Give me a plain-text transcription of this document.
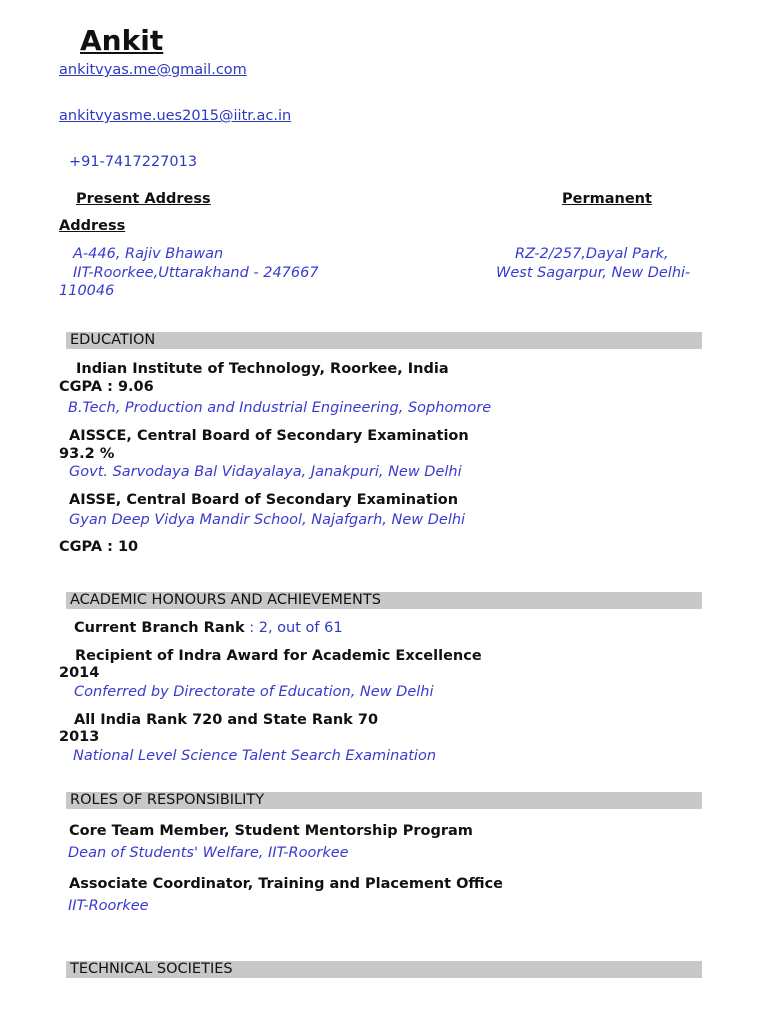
Ankit
ankitvyas.me@gmail.com
ankitvyasme.ues2015@iitr.ac.in
+91-7417227013
Present Address	Permanent
Address
A-446, Rajiv Bhawan	RZ-2/257,Dayal Park,
IIT-Roorkee,Uttarakhand - 247667	West Sagarpur, New Delhi-
110046
EDUCATION
Indian Institute of Technology, Roorkee, India
CGPA : 9.06
B.Tech, Production and Industrial Engineering, Sophomore
AISSCE, Central Board of Secondary Examination
93.2 %
Govt. Sarvodaya Bal Vidayalaya, Janakpuri, New Delhi
AISSE, Central Board of Secondary Examination
Gyan Deep Vidya Mandir School, Najafgarh, New Delhi
CGPA : 10
ACADEMIC HONOURS AND ACHIEVEMENTS
Current Branch Rank : 2, out of 61
Recipient of Indra Award for Academic Excellence
2014
Conferred by Directorate of Education, New Delhi
All India Rank 720 and State Rank 70
2013
National Level Science Talent Search Examination
ROLES OF RESPONSIBILITY
Core Team Member, Student Mentorship Program
Dean of Students' Welfare, IIT-Roorkee
Associate Coordinator, Training and Placement Office
IIT-Roorkee
TECHNICAL SOCIETIES
